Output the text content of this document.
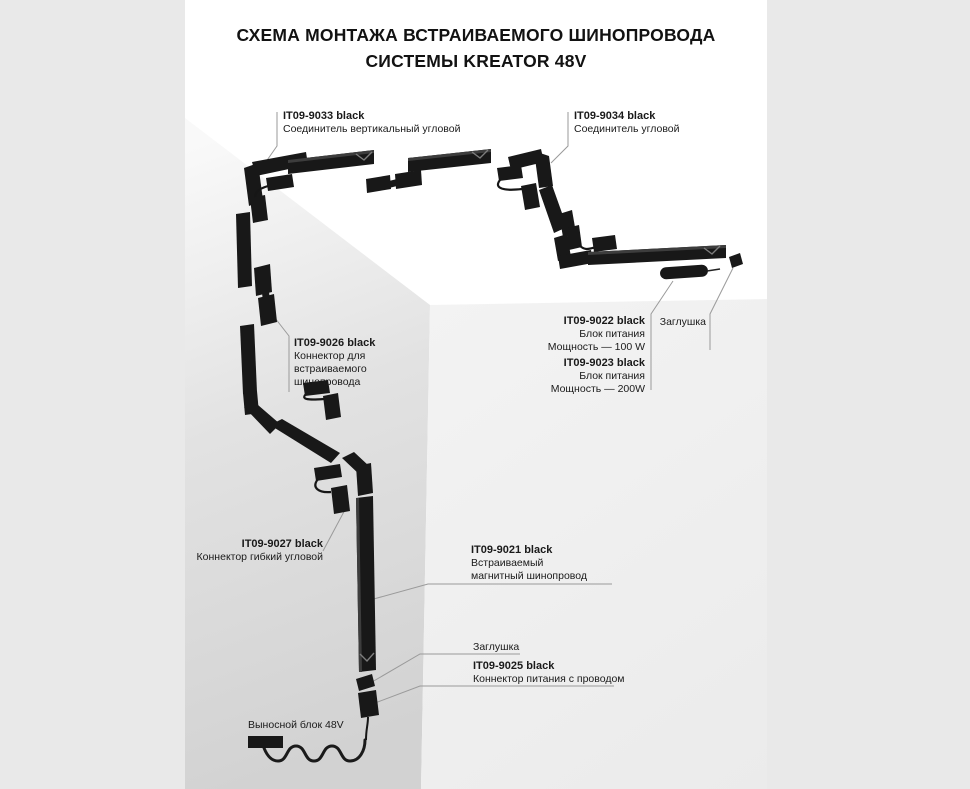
СХЕМА МОНТАЖА ВСТРАИВАЕМОГО ШИНОПРОВОДА
СИСТЕМЫ KREATOR 48V
IT09-9033 black
Соединитель вертикальный угловой
IT09-9034 black
Соединитель угловой
IT09-9026 black
Коннектор для
встраиваемого
шинопровода
IT09-9022 black
Блок питания
Мощность — 100 W
IT09-9023 black
Блок питания
Мощность — 200W
Заглушка
IT09-9027 black
Коннектор гибкий угловой
IT09-9021 black
Встраиваемый
магнитный шинопровод
Заглушка
IT09-9025 black
Коннектор питания с проводом
Выносной блок 48V
